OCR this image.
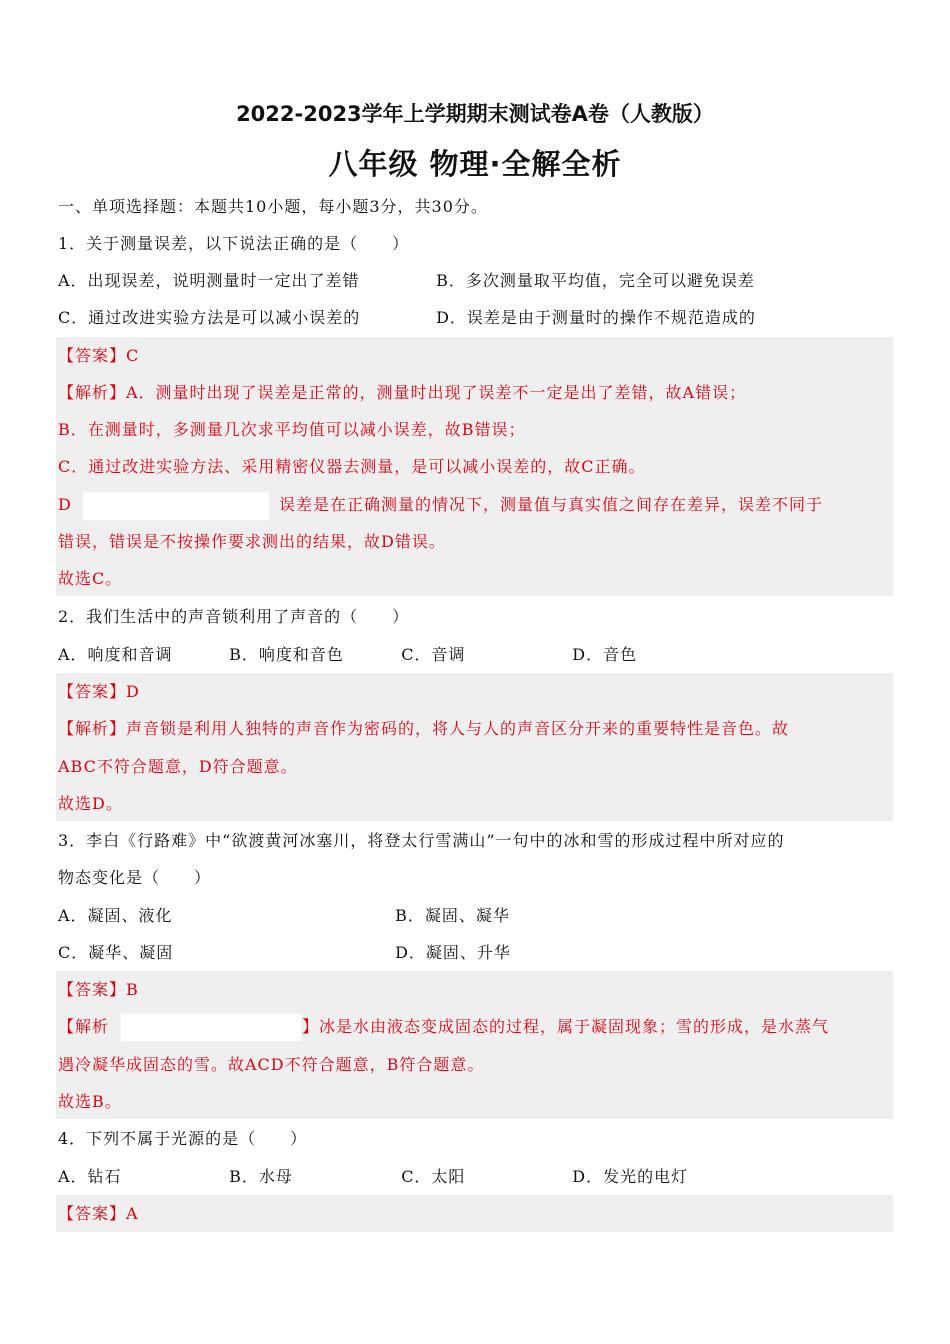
2022-2023学年上学期期末测试卷A卷（人教版）
八年级 物理·全解全析
一、单项选择题：本题共10小题，每小题3分，共30分。
1．关于测量误差，以下说法正确的是（　　）
A．出现误差，说明测量时一定出了差错	B．多次测量取平均值，完全可以避免误差
C．通过改进实验方法是可以减小误差的	D．误差是由于测量时的操作不规范造成的
【答案】C
【解析】A．测量时出现了误差是正常的，测量时出现了误差不一定是出了差错，故A错误；
B．在测量时，多测量几次求平均值可以减小误差，故B错误；
C．通过改进实验方法、采用精密仪器去测量，是可以减小误差的，故C正确。
D	误差是在正确测量的情况下，测量值与真实值之间存在差异，误差不同于
错误，错误是不按操作要求测出的结果，故D错误。
故选C。
2．我们生活中的声音锁利用了声音的（　　）
A．响度和音调	B．响度和音色	C．音调	D．音色
【答案】D
【解析】声音锁是利用人独特的声音作为密码的，将人与人的声音区分开来的重要特性是音色。故
ABC不符合题意，D符合题意。
故选D。
3．李白《行路难》中“欲渡黄河冰塞川，将登太行雪满山”一句中的冰和雪的形成过程中所对应的
物态变化是（　　）
A．凝固、液化	B．凝固、凝华
C．凝华、凝固	D．凝固、升华
【答案】B
【解析	】冰是水由液态变成固态的过程，属于凝固现象；雪的形成，是水蒸气
遇冷凝华成固态的雪。故ACD不符合题意，B符合题意。
故选B。
4．下列不属于光源的是（　　）
A．钻石	B．水母	C．太阳	D．发光的电灯
【答案】A
